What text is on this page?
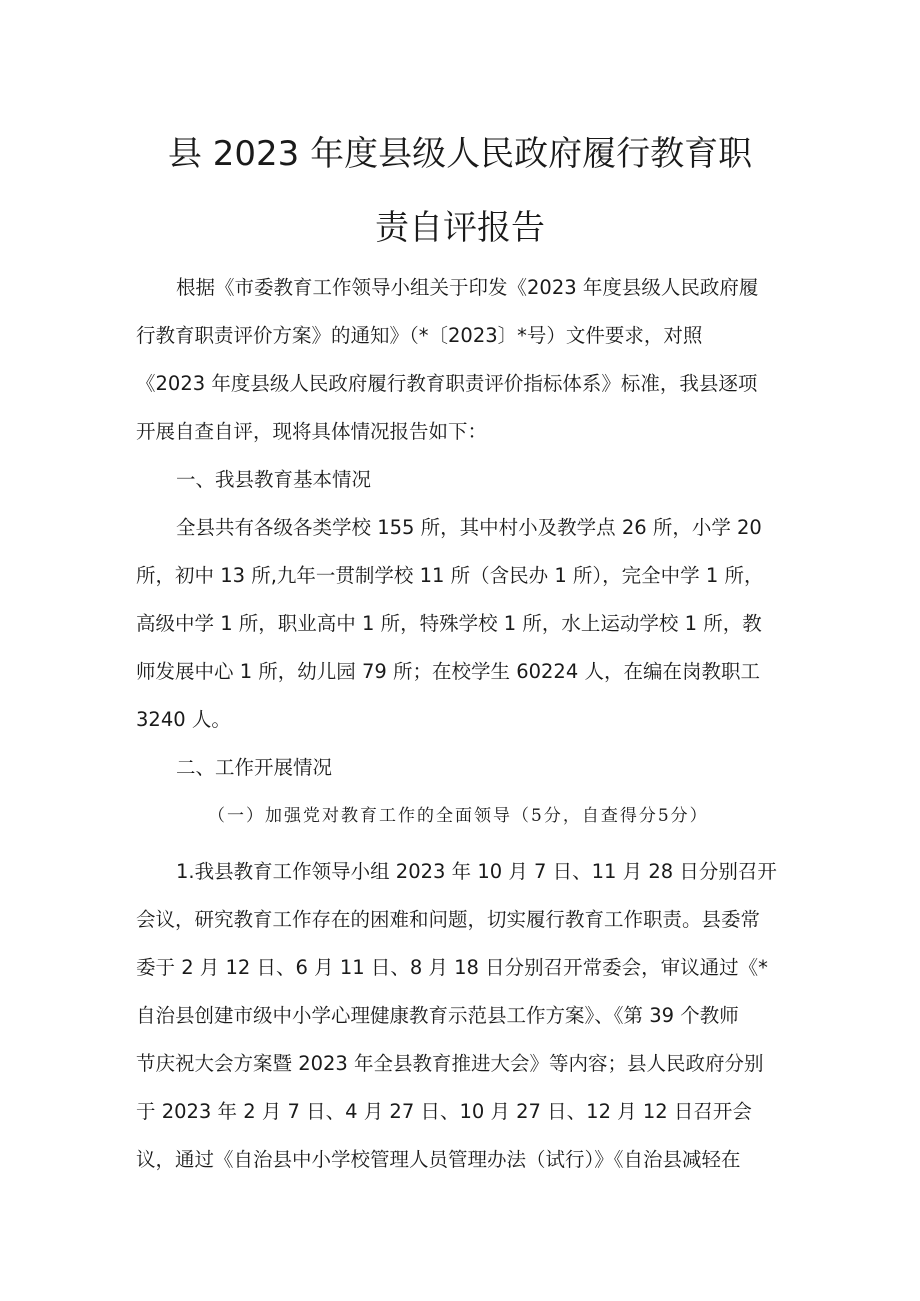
县 2023 年度县级人民政府履行教育职
责自评报告
根据《市委教育工作领导小组关于印发《2023 年度县级人民政府履
行教育职责评价方案》的通知》（*〔2023〕*号）文件要求，对照
《2023 年度县级人民政府履行教育职责评价指标体系》标准，我县逐项
开展自查自评，现将具体情况报告如下：
一、我县教育基本情况
全县共有各级各类学校 155 所，其中村小及教学点 26 所，小学 20
所，初中 13 所,九年一贯制学校 11 所（含民办 1 所），完全中学 1 所，
高级中学 1 所，职业高中 1 所，特殊学校 1 所，水上运动学校 1 所，教
师发展中心 1 所，幼儿园 79 所；在校学生 60224 人，在编在岗教职工
3240 人。
二、工作开展情况
（一）加强党对教育工作的全面领导（5分，自查得分5分）
1.我县教育工作领导小组 2023 年 10 月 7 日、11 月 28 日分别召开
会议，研究教育工作存在的困难和问题，切实履行教育工作职责。县委常
委于 2 月 12 日、6 月 11 日、8 月 18 日分别召开常委会，审议通过《*
自治县创建市级中小学心理健康教育示范县工作方案》、《第 39 个教师
节庆祝大会方案暨 2023 年全县教育推进大会》等内容；县人民政府分别
于 2023 年 2 月 7 日、4 月 27 日、10 月 27 日、12 月 12 日召开会
议，通过《自治县中小学校管理人员管理办法（试行）》《自治县减轻在
